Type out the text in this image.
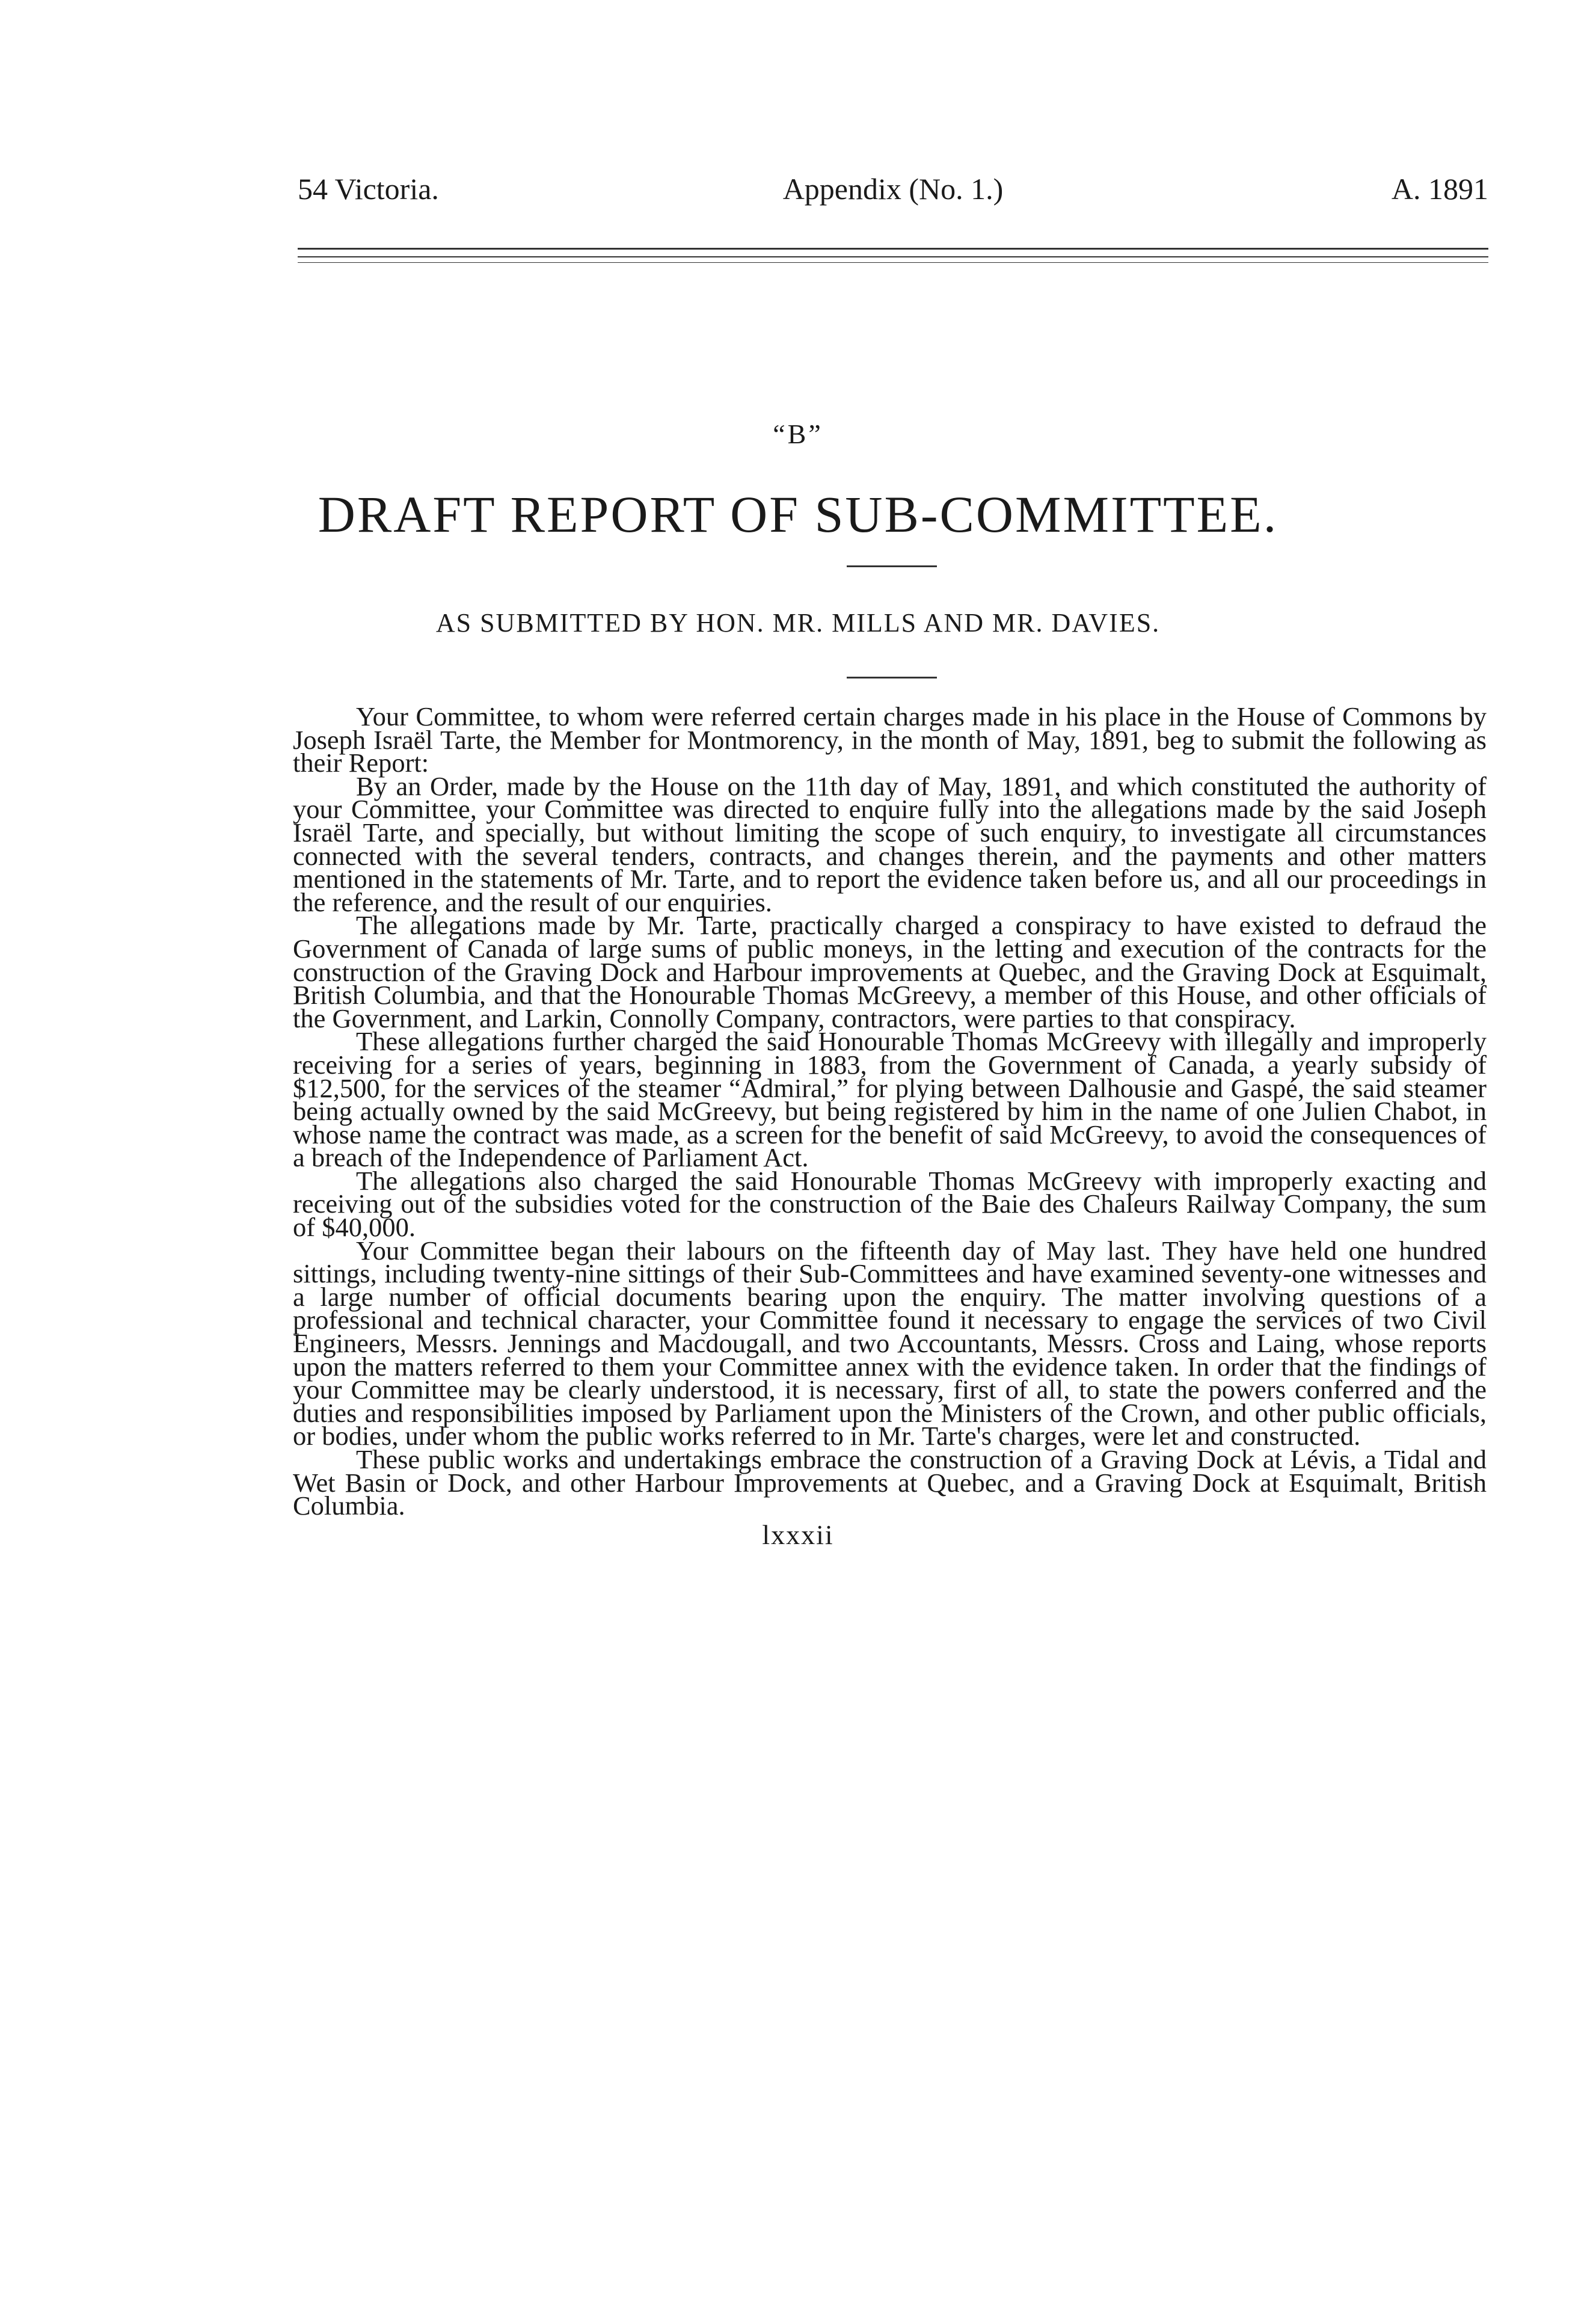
54 Victoria.	Appendix (No. 1.)	A. 1891
“B”
DRAFT REPORT OF SUB-COMMITTEE.
AS SUBMITTED BY HON. MR. MILLS AND MR. DAVIES.

Your Committee, to whom were referred certain charges made in his place in the House of Commons by Joseph Israël Tarte, the Member for Montmorency, in the month of May, 1891, beg to submit the following as their Report:

By an Order, made by the House on the 11th day of May, 1891, and which constituted the authority of your Committee, your Committee was directed to enquire fully into the allegations made by the said Joseph Israël Tarte, and specially, but without limiting the scope of such enquiry, to investigate all circumstances connected with the several tenders, contracts, and changes therein, and the payments and other matters mentioned in the statements of Mr. Tarte, and to report the evidence taken before us, and all our proceedings in the reference, and the result of our enquiries.

The allegations made by Mr. Tarte, practically charged a conspiracy to have existed to defraud the Government of Canada of large sums of public moneys, in the letting and execution of the contracts for the construction of the Graving Dock and Harbour improvements at Quebec, and the Graving Dock at Esquimalt, British Columbia, and that the Honourable Thomas McGreevy, a member of this House, and other officials of the Government, and Larkin, Connolly Company, contractors, were parties to that conspiracy.

These allegations further charged the said Honourable Thomas McGreevy with illegally and improperly receiving for a series of years, beginning in 1883, from the Government of Canada, a yearly subsidy of $12,500, for the services of the steamer “Admiral,” for plying between Dalhousie and Gaspé, the said steamer being actually owned by the said McGreevy, but being registered by him in the name of one Julien Chabot, in whose name the contract was made, as a screen for the benefit of said McGreevy, to avoid the consequences of a breach of the Independence of Parliament Act.

The allegations also charged the said Honourable Thomas McGreevy with improperly exacting and receiving out of the subsidies voted for the construction of the Baie des Chaleurs Railway Company, the sum of $40,000.

Your Committee began their labours on the fifteenth day of May last. They have held one hundred sittings, including twenty-nine sittings of their Sub-Committees and have examined seventy-one witnesses and a large number of official documents bearing upon the enquiry. The matter involving questions of a professional and technical character, your Committee found it necessary to engage the services of two Civil Engineers, Messrs. Jennings and Macdougall, and two Accountants, Messrs. Cross and Laing, whose reports upon the matters referred to them your Committee annex with the evidence taken. In order that the findings of your Committee may be clearly understood, it is necessary, first of all, to state the powers conferred and the duties and responsibilities imposed by Parliament upon the Ministers of the Crown, and other public officials, or bodies, under whom the public works referred to in Mr. Tarte's charges, were let and constructed.

These public works and undertakings embrace the construction of a Graving Dock at Lévis, a Tidal and Wet Basin or Dock, and other Harbour Improvements at Quebec, and a Graving Dock at Esquimalt, British Columbia.

lxxxii
